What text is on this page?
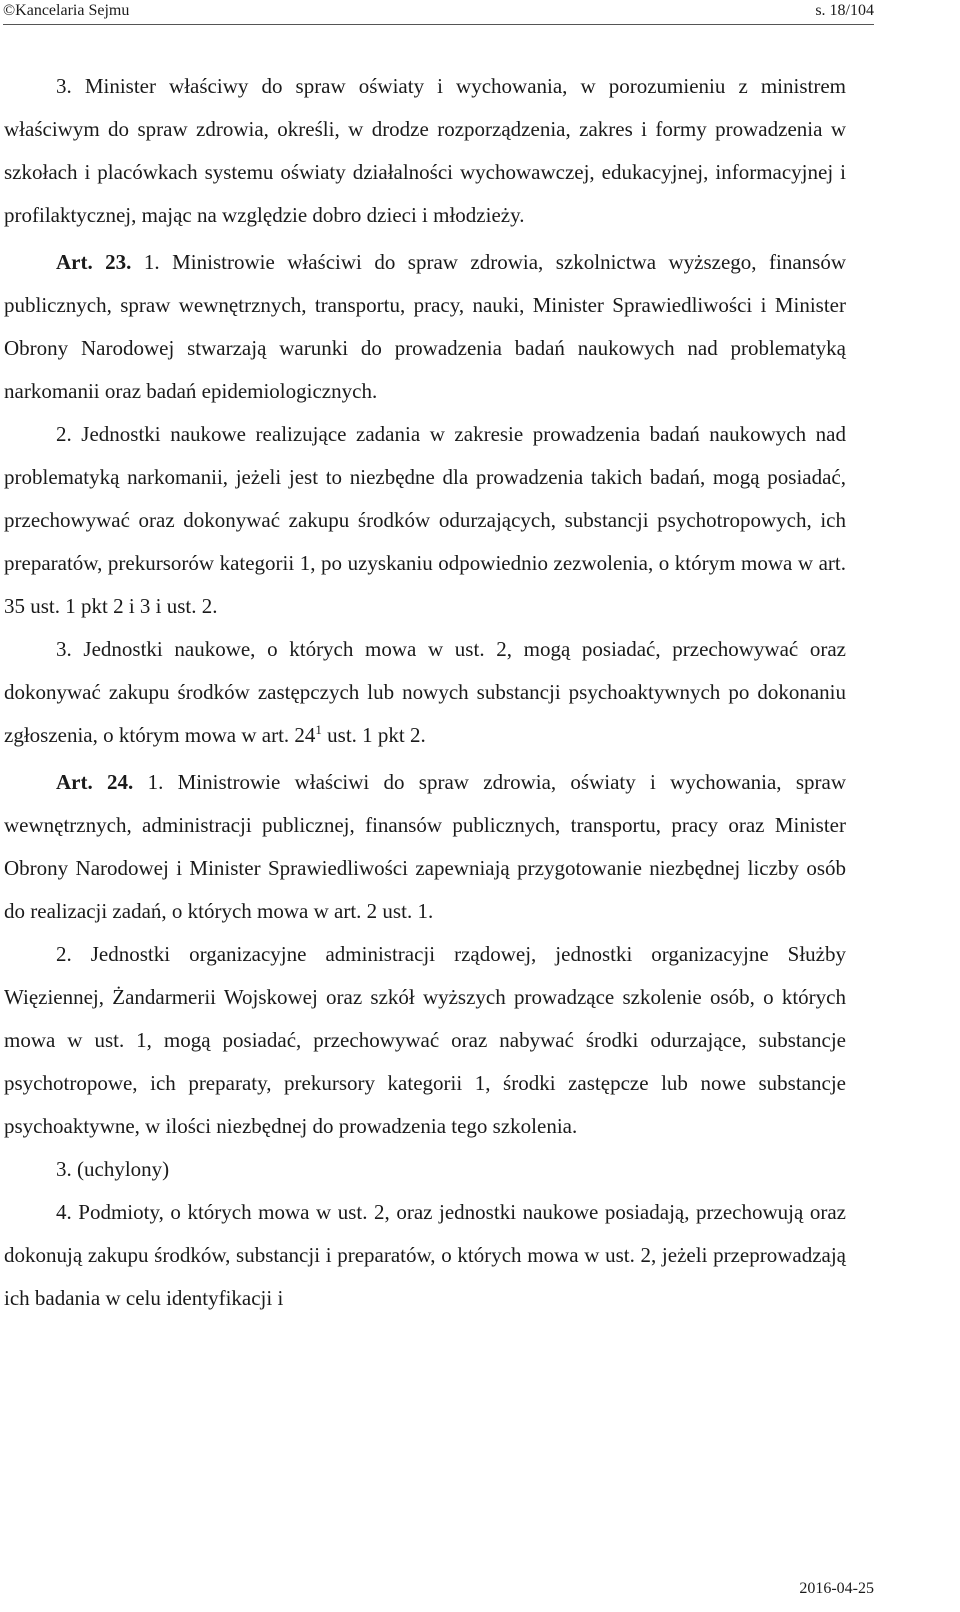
©Kancelaria Sejmu	s. 18/104

3. Minister właściwy do spraw oświaty i wychowania, w porozumieniu z ministrem właściwym do spraw zdrowia, określi, w drodze rozporządzenia, zakres i formy prowadzenia w szkołach i placówkach systemu oświaty działalności wychowawczej, edukacyjnej, informacyjnej i profilaktycznej, mając na względzie dobro dzieci i młodzieży.

Art. 23. 1. Ministrowie właściwi do spraw zdrowia, szkolnictwa wyższego, finansów publicznych, spraw wewnętrznych, transportu, pracy, nauki, Minister Sprawiedliwości i Minister Obrony Narodowej stwarzają warunki do prowadzenia badań naukowych nad problematyką narkomanii oraz badań epidemiologicznych.

2. Jednostki naukowe realizujące zadania w zakresie prowadzenia badań naukowych nad problematyką narkomanii, jeżeli jest to niezbędne dla prowadzenia takich badań, mogą posiadać, przechowywać oraz dokonywać zakupu środków odurzających, substancji psychotropowych, ich preparatów, prekursorów kategorii 1, po uzyskaniu odpowiednio zezwolenia, o którym mowa w art. 35 ust. 1 pkt 2 i 3 i ust. 2.

3. Jednostki naukowe, o których mowa w ust. 2, mogą posiadać, przechowywać oraz dokonywać zakupu środków zastępczych lub nowych substancji psychoaktywnych po dokonaniu zgłoszenia, o którym mowa w art. $24^1$ ust. 1 pkt 2.

Art. 24. 1. Ministrowie właściwi do spraw zdrowia, oświaty i wychowania, spraw wewnętrznych, administracji publicznej, finansów publicznych, transportu, pracy oraz Minister Obrony Narodowej i Minister Sprawiedliwości zapewniają przygotowanie niezbędnej liczby osób do realizacji zadań, o których mowa w art. 2 ust. 1.

2. Jednostki organizacyjne administracji rządowej, jednostki organizacyjne Służby Więziennej, Żandarmerii Wojskowej oraz szkół wyższych prowadzące szkolenie osób, o których mowa w ust. 1, mogą posiadać, przechowywać oraz nabywać środki odurzające, substancje psychotropowe, ich preparaty, prekursory kategorii 1, środki zastępcze lub nowe substancje psychoaktywne, w ilości niezbędnej do prowadzenia tego szkolenia.

3. (uchylony)

4. Podmioty, o których mowa w ust. 2, oraz jednostki naukowe posiadają, przechowują oraz dokonują zakupu środków, substancji i preparatów, o których mowa w ust. 2, jeżeli przeprowadzają ich badania w celu identyfikacji i

2016-04-25
